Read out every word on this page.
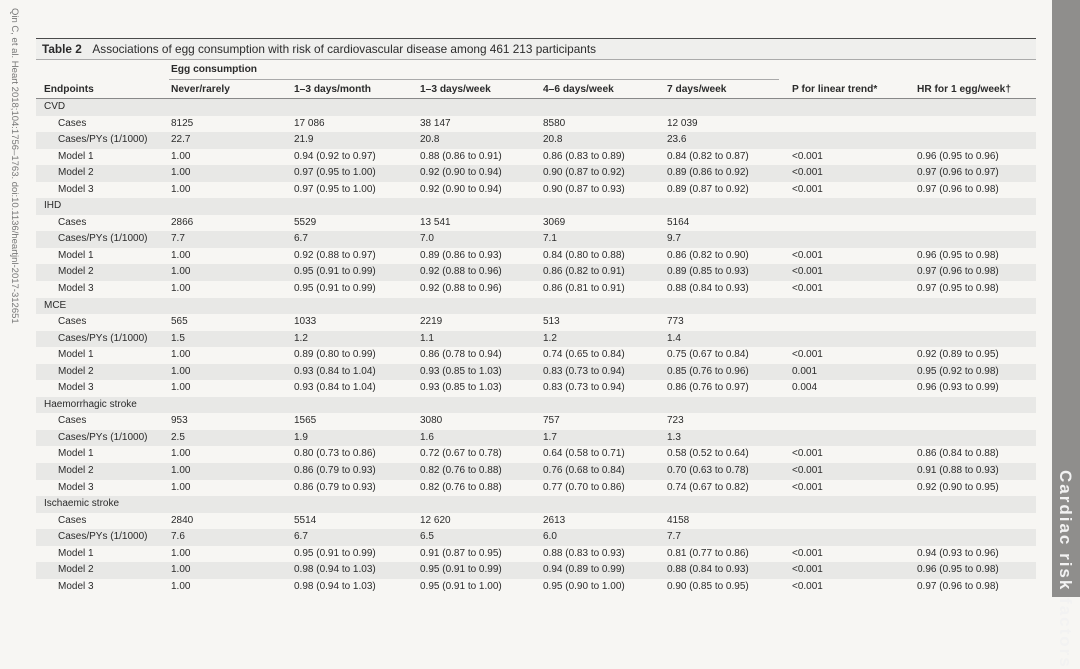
Qin C, et al. Heart 2018;104:1756–1763. doi:10.1136/heartjnl-2017-312651
Cardiac risk factors
Table 2 Associations of egg consumption with risk of cardiovascular disease among 461 213 participants
Egg consumption
Endpoints	Never/rarely	1–3 days/month	1–3 days/week	4–6 days/week	7 days/week	P for linear trend*	HR for 1 egg/week†
CVD
Cases	8125	17 086	38 147	8580	12 039
Cases/PYs (1/1000) 22.7	21.9	20.8	20.8	23.6
Model 1	1.00	0.94 (0.92 to 0.97)	0.88 (0.86 to 0.91)	0.86 (0.83 to 0.89)	0.84 (0.82 to 0.87)	<0.001	0.96 (0.95 to 0.96)
Model 2	1.00	0.97 (0.95 to 1.00)	0.92 (0.90 to 0.94)	0.90 (0.87 to 0.92)	0.89 (0.86 to 0.92)	<0.001	0.97 (0.96 to 0.97)
Model 3	1.00	0.97 (0.95 to 1.00)	0.92 (0.90 to 0.94)	0.90 (0.87 to 0.93)	0.89 (0.87 to 0.92)	<0.001	0.97 (0.96 to 0.98)
IHD
Cases	2866	5529	13 541	3069	5164
Cases/PYs (1/1000) 7.7	6.7	7.0	7.1	9.7
Model 1	1.00	0.92 (0.88 to 0.97)	0.89 (0.86 to 0.93)	0.84 (0.80 to 0.88)	0.86 (0.82 to 0.90)	<0.001	0.96 (0.95 to 0.98)
Model 2	1.00	0.95 (0.91 to 0.99)	0.92 (0.88 to 0.96)	0.86 (0.82 to 0.91)	0.89 (0.85 to 0.93)	<0.001	0.97 (0.96 to 0.98)
Model 3	1.00	0.95 (0.91 to 0.99)	0.92 (0.88 to 0.96)	0.86 (0.81 to 0.91)	0.88 (0.84 to 0.93)	<0.001	0.97 (0.95 to 0.98)
MCE
Cases	565	1033	2219	513	773
Cases/PYs (1/1000) 1.5	1.2	1.1	1.2	1.4
Model 1	1.00	0.89 (0.80 to 0.99)	0.86 (0.78 to 0.94)	0.74 (0.65 to 0.84)	0.75 (0.67 to 0.84)	<0.001	0.92 (0.89 to 0.95)
Model 2	1.00	0.93 (0.84 to 1.04)	0.93 (0.85 to 1.03)	0.83 (0.73 to 0.94)	0.85 (0.76 to 0.96)	0.001	0.95 (0.92 to 0.98)
Model 3	1.00	0.93 (0.84 to 1.04)	0.93 (0.85 to 1.03)	0.83 (0.73 to 0.94)	0.86 (0.76 to 0.97)	0.004	0.96 (0.93 to 0.99)
Haemorrhagic stroke
Cases	953	1565	3080	757	723
Cases/PYs (1/1000) 2.5	1.9	1.6	1.7	1.3
Model 1	1.00	0.80 (0.73 to 0.86)	0.72 (0.67 to 0.78)	0.64 (0.58 to 0.71)	0.58 (0.52 to 0.64)	<0.001	0.86 (0.84 to 0.88)
Model 2	1.00	0.86 (0.79 to 0.93)	0.82 (0.76 to 0.88)	0.76 (0.68 to 0.84)	0.70 (0.63 to 0.78)	<0.001	0.91 (0.88 to 0.93)
Model 3	1.00	0.86 (0.79 to 0.93)	0.82 (0.76 to 0.88)	0.77 (0.70 to 0.86)	0.74 (0.67 to 0.82)	<0.001	0.92 (0.90 to 0.95)
Ischaemic stroke
Cases	2840	5514	12 620	2613	4158
Cases/PYs (1/1000) 7.6	6.7	6.5	6.0	7.7
Model 1	1.00	0.95 (0.91 to 0.99)	0.91 (0.87 to 0.95)	0.88 (0.83 to 0.93)	0.81 (0.77 to 0.86)	<0.001	0.94 (0.93 to 0.96)
Model 2	1.00	0.98 (0.94 to 1.03)	0.95 (0.91 to 0.99)	0.94 (0.89 to 0.99)	0.88 (0.84 to 0.93)	<0.001	0.96 (0.95 to 0.98)
Model 3	1.00	0.98 (0.94 to 1.03)	0.95 (0.91 to 1.00)	0.95 (0.90 to 1.00)	0.90 (0.85 to 0.95)	<0.001	0.97 (0.96 to 0.98)
